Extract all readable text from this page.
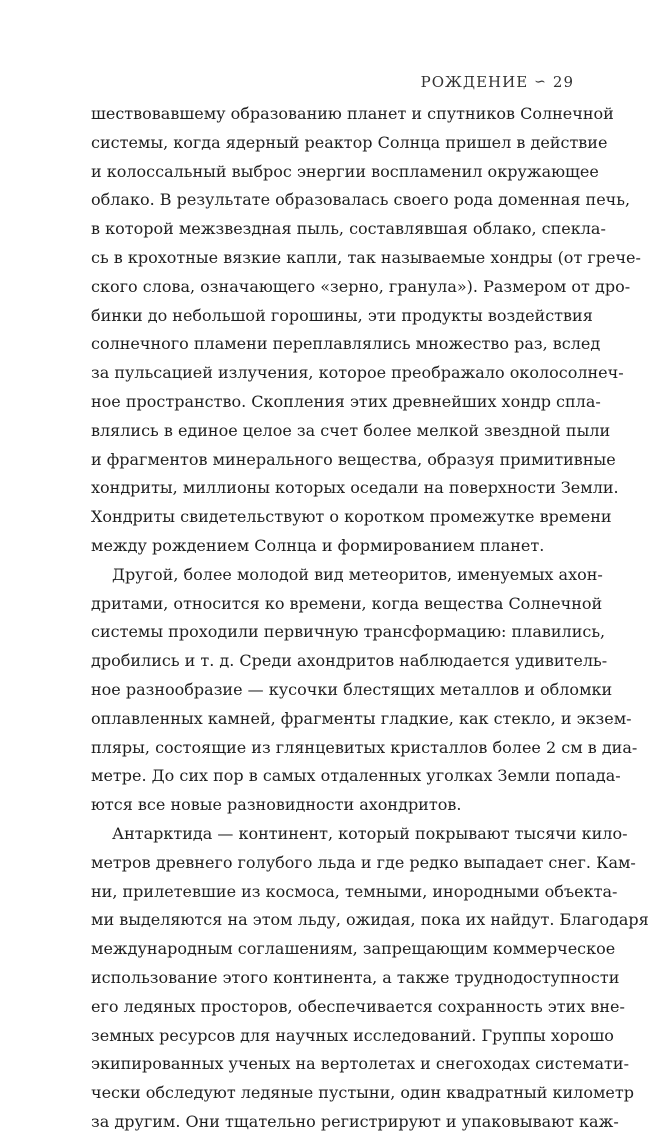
РОЖДЕНИЕ ∽ 29
шествовавшему образованию планет и спутников Солнечной
системы, когда ядерный реактор Солнца пришел в действие
и колоссальный выброс энергии воспламенил окружающее
облако. В результате образовалась своего рода доменная печь,
в которой межзвездная пыль, составлявшая облако, спекла-
сь в крохотные вязкие капли, так называемые хондры (от грече-
ского слова, означающего «зерно, гранула»). Размером от дро-
бинки до небольшой горошины, эти продукты воздействия
солнечного пламени переплавлялись множество раз, вслед
за пульсацией излучения, которое преображало околосолнеч-
ное пространство. Скопления этих древнейших хондр спла-
влялись в единое целое за счет более мелкой звездной пыли
и фрагментов минерального вещества, образуя примитивные
хондриты, миллионы которых оседали на поверхности Земли.
Хондриты свидетельствуют о коротком промежутке времени
между рождением Солнца и формированием планет.
Другой, более молодой вид метеоритов, именуемых ахон-
дритами, относится ко времени, когда вещества Солнечной
системы проходили первичную трансформацию: плавились,
дробились и т. д. Среди ахондритов наблюдается удивитель-
ное разнообразие — кусочки блестящих металлов и обломки
оплавленных камней, фрагменты гладкие, как стекло, и экзем-
пляры, состоящие из глянцевитых кристаллов более 2 см в диа-
метре. До сих пор в самых отдаленных уголках Земли попада-
ются все новые разновидности ахондритов.
Антарктида — континент, который покрывают тысячи кило-
метров древнего голубого льда и где редко выпадает снег. Кам-
ни, прилетевшие из космоса, темными, инородными объекта-
ми выделяются на этом льду, ожидая, пока их найдут. Благодаря
международным соглашениям, запрещающим коммерческое
использование этого континента, а также труднодоступности
его ледяных просторов, обеспечивается сохранность этих вне-
земных ресурсов для научных исследований. Группы хорошо
экипированных ученых на вертолетах и снегоходах системати-
чески обследуют ледяные пустыни, один квадратный километр
за другим. Они тщательно регистрируют и упаковывают каж-
